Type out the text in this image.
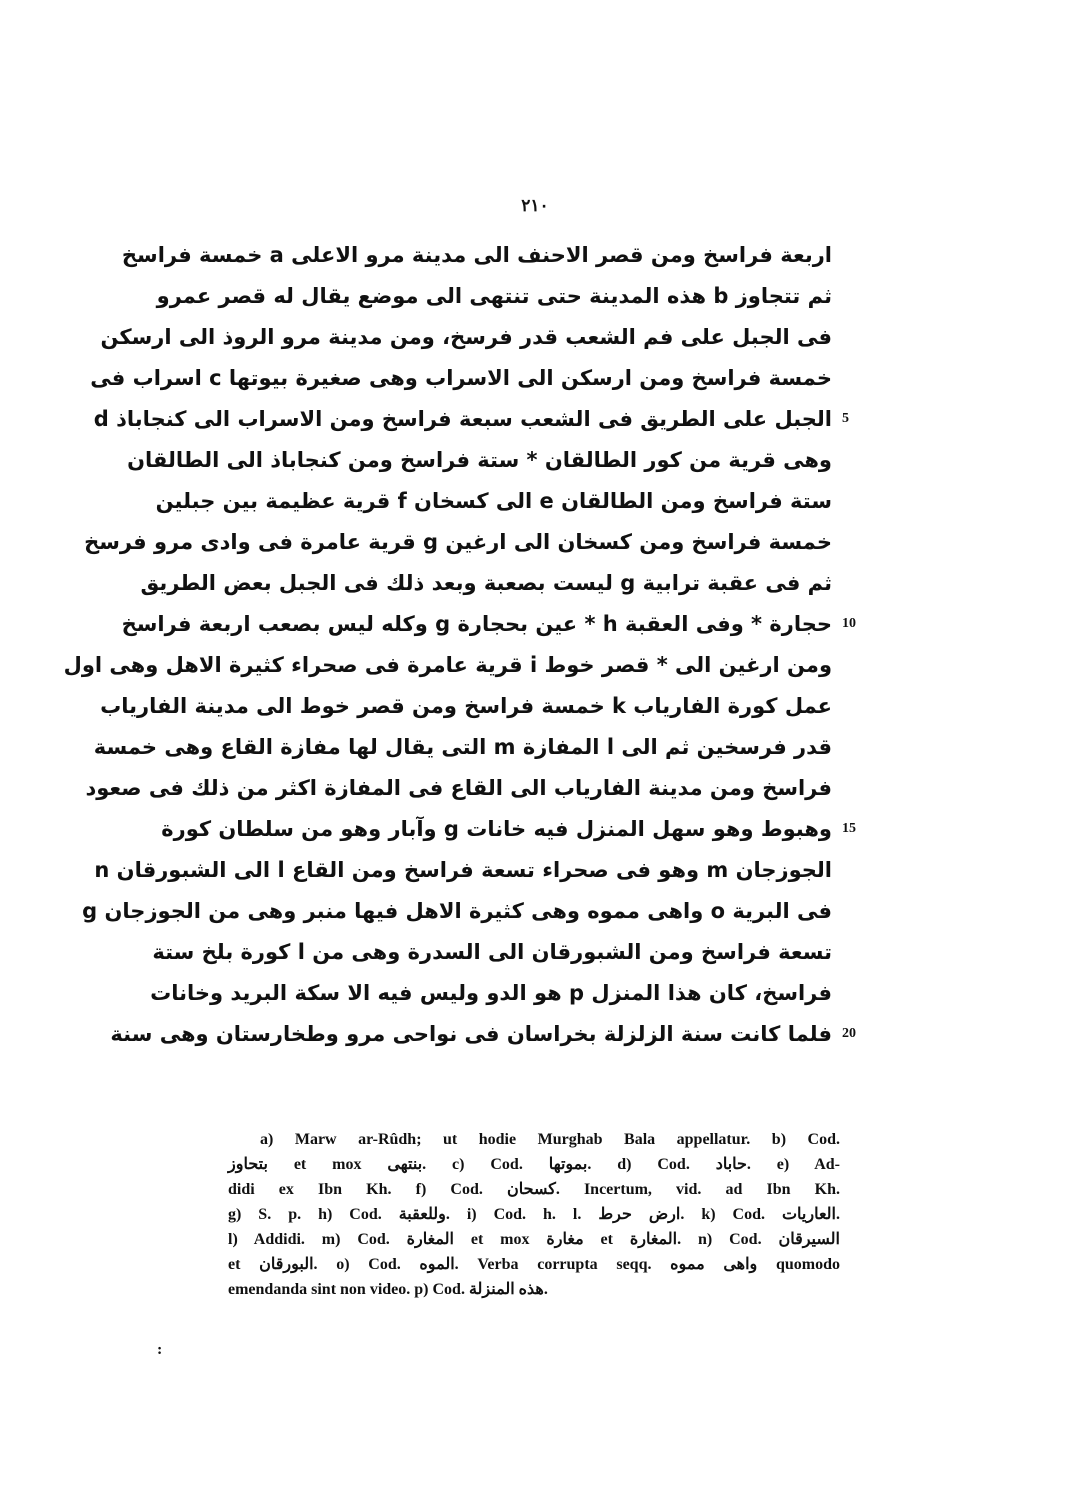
٢١٠
اربعة فراسخ ومن قصر الاحنف الى مدينة مرو الاعلى a خمسة فراسخ
ثم تتجاوز b هذه المدينة حتى تنتهى الى موضع يقال له قصر عمرو
فى الجبل على فم الشعب قدر فرسخ، ومن مدينة مرو الروذ الى ارسكن
خمسة فراسخ ومن ارسكن الى الاسراب وهى صغيرة بيوتها c اسراب فى
الجبل على الطريق فى الشعب سبعة فراسخ ومن الاسراب الى كنجاباذ d 5
وهى قرية من كور الطالقان * ستة فراسخ ومن كنجاباذ الى الطالقان
ستة فراسخ ومن الطالقان e الى كسخان f قرية عظيمة بين جبلين
خمسة فراسخ ومن كسخان الى ارغين g قرية عامرة فى وادى مرو فرسخ
ثم فى عقبة ترابية g ليست بصعبة وبعد ذلك فى الجبل بعض الطريق
حجارة * وفى العقبة h * عين بحجارة g وكله ليس بصعب اربعة فراسخ 10
ومن ارغين الى * قصر خوط i قرية عامرة فى صحراء كثيرة الاهل وهى اول
عمل كورة الفارياب k خمسة فراسخ ومن قصر خوط الى مدينة الفارياب
قدر فرسخين ثم الى l المفازة m التى يقال لها مفازة القاع وهى خمسة
فراسخ ومن مدينة الفارياب الى القاع فى المفازة اكثر من ذلك فى صعود
وهبوط وهو سهل المنزل فيه خانات g وآبار وهو من سلطان كورة 15
الجوزجان m وهو فى صحراء تسعة فراسخ ومن القاع l الى الشبورقان n
فى البرية o واهى مموه وهى كثيرة الاهل فيها منبر وهى من الجوزجان g
تسعة فراسخ ومن الشبورقان الى السدرة وهى من l كورة بلخ ستة
فراسخ، كان هذا المنزل p هو الدو وليس فيه الا سكة البريد وخانات
فلما كانت سنة الزلزلة بخراسان فى نواحى مرو وطخارستان وهى سنة 20
a) Marw ar-Rûdh; ut hodie Murghab Bala appellatur. b) Cod.
بتحاوز et mox بنتهى. c) Cod. بموتها. d) Cod. حاباد. e) Ad-
didi ex Ibn Kh. f) Cod. كسحان. Incertum, vid. ad Ibn Kh.
g) S. p. h) Cod. وللعقبة. i) Cod. h. l. ارض حرط. k) Cod. العاريات.
l) Addidi. m) Cod. المغارة et mox مغارة et المغارة. n) Cod. السيرقان
et البورقان. o) Cod. الموه. Verba corrupta seqq. واهى مموه quomodo
emendanda sint non video. p) Cod. هذه المنزلة.
:
